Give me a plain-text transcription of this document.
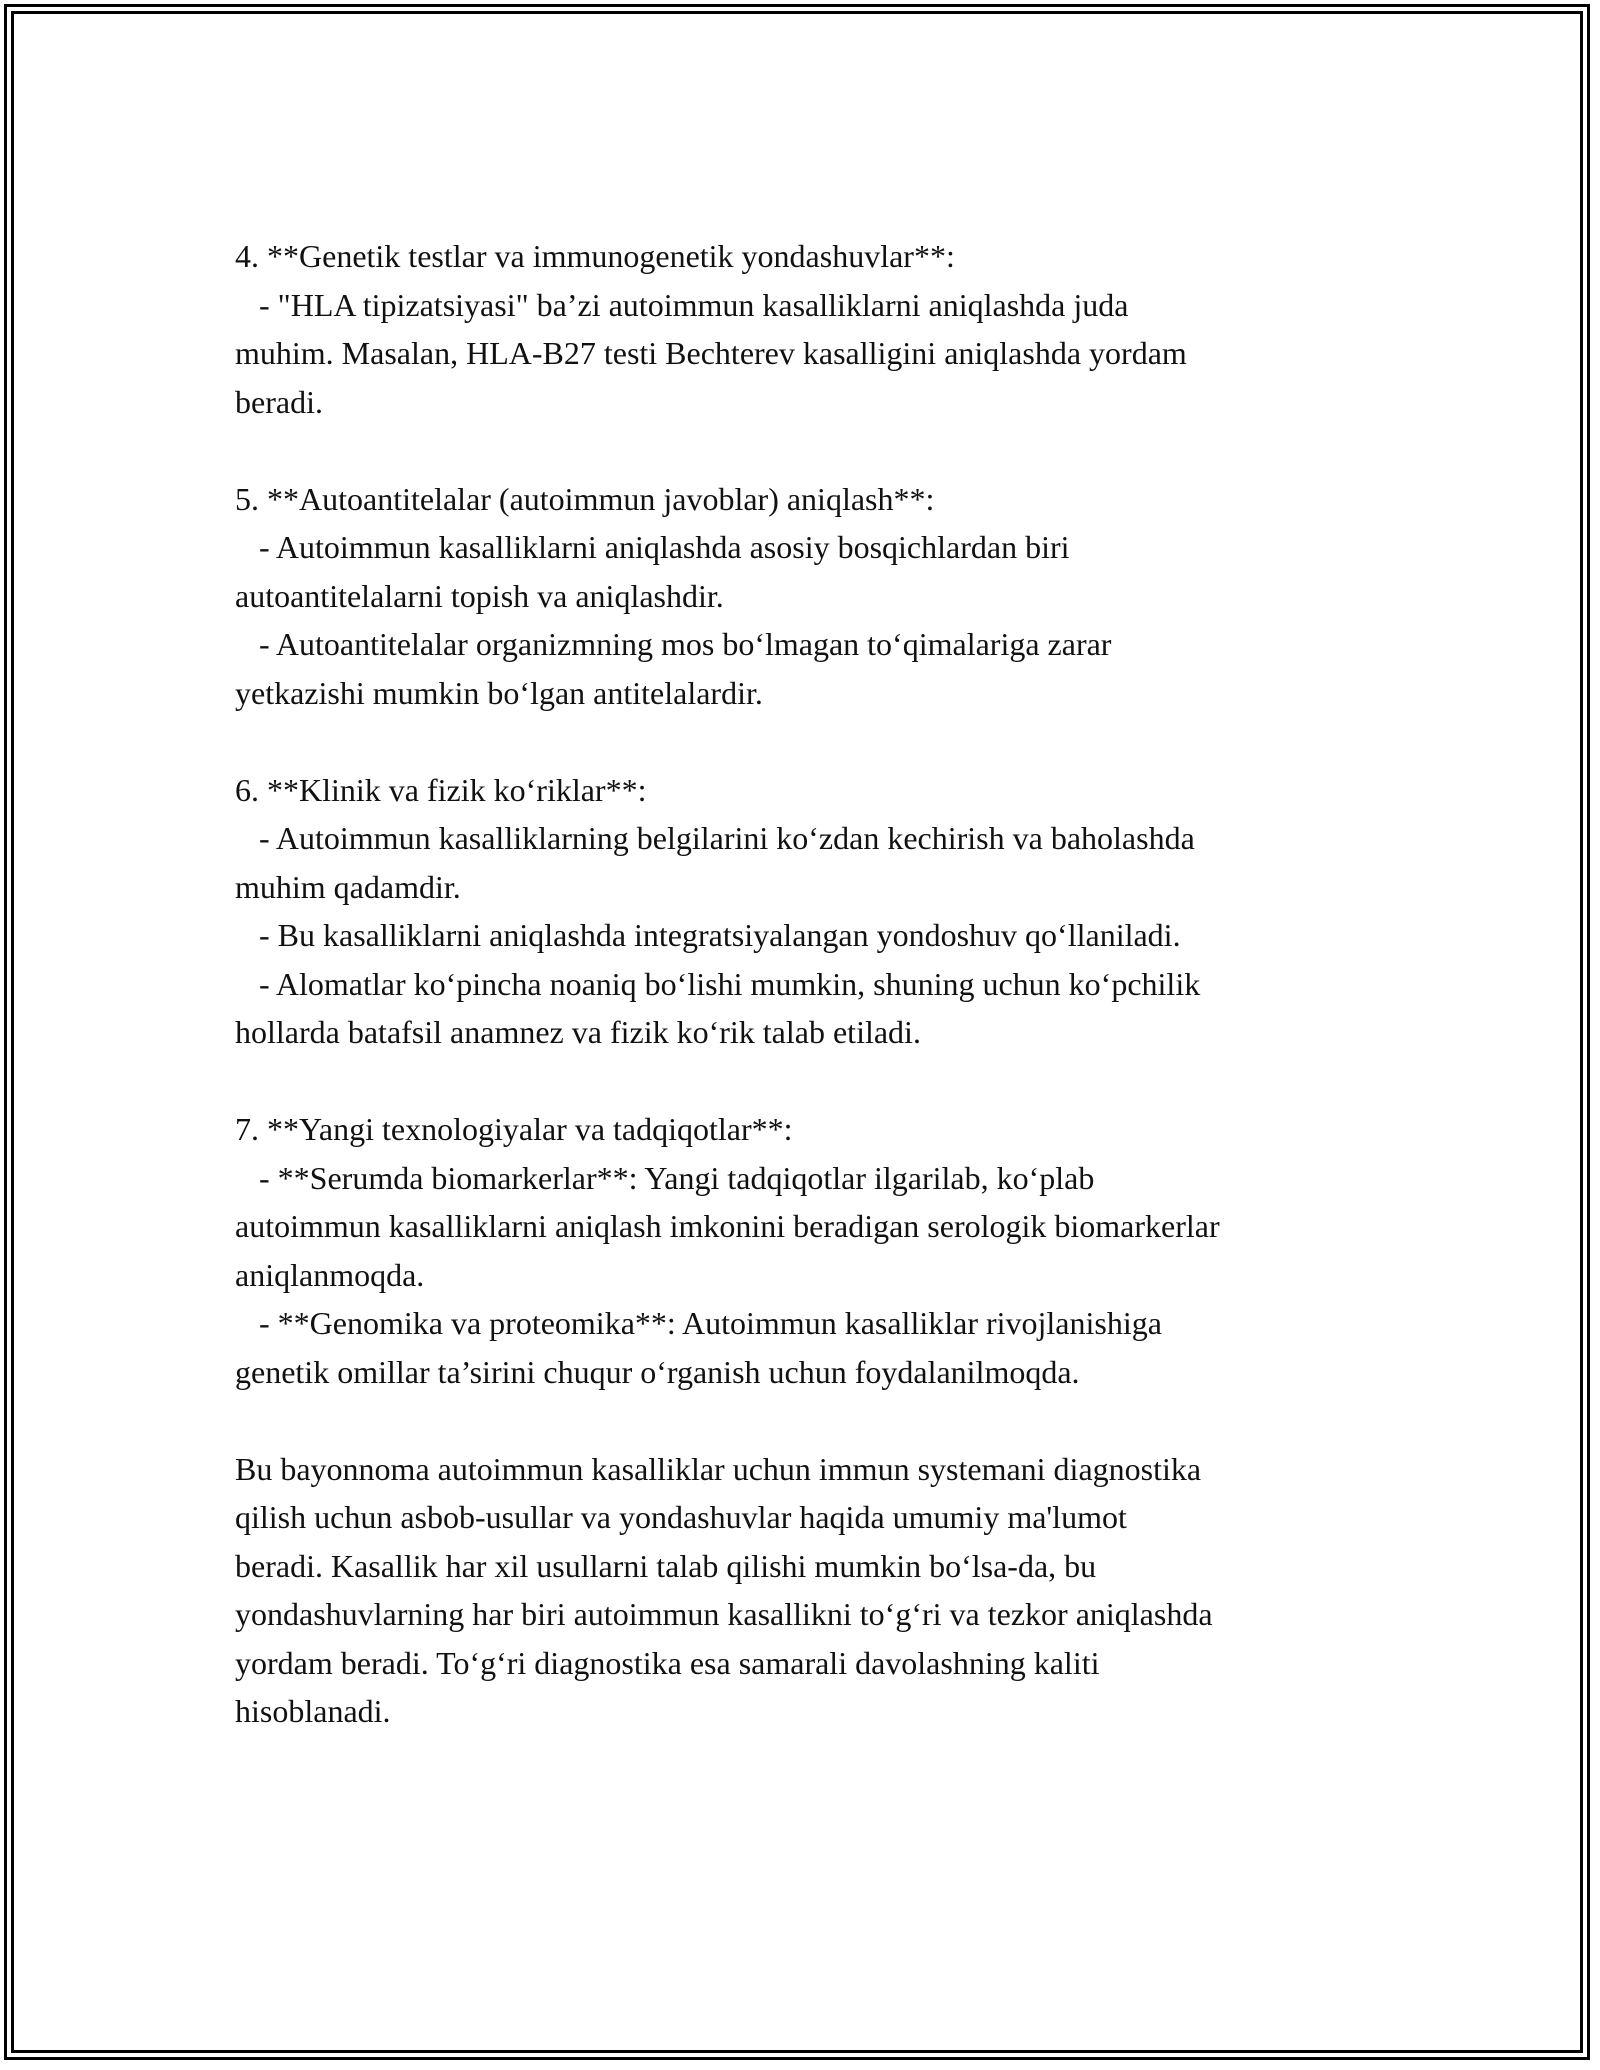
4. **Genetik testlar va immunogenetik yondashuvlar**:
- "HLA tipizatsiyasi" ba’zi autoimmun kasalliklarni aniqlashda juda
muhim. Masalan, HLA-B27 testi Bechterev kasalligini aniqlashda yordam
beradi.
5. **Autoantitelalar (autoimmun javoblar) aniqlash**:
- Autoimmun kasalliklarni aniqlashda asosiy bosqichlardan biri
autoantitelalarni topish va aniqlashdir.
- Autoantitelalar organizmning mos bo‘lmagan to‘qimalariga zarar
yetkazishi mumkin bo‘lgan antitelalardir.
6. **Klinik va fizik ko‘riklar**:
- Autoimmun kasalliklarning belgilarini ko‘zdan kechirish va baholashda
muhim qadamdir.
- Bu kasalliklarni aniqlashda integratsiyalangan yondoshuv qo‘llaniladi.
- Alomatlar ko‘pincha noaniq bo‘lishi mumkin, shuning uchun ko‘pchilik
hollarda batafsil anamnez va fizik ko‘rik talab etiladi.
7. **Yangi texnologiyalar va tadqiqotlar**:
- **Serumda biomarkerlar**: Yangi tadqiqotlar ilgarilab, ko‘plab
autoimmun kasalliklarni aniqlash imkonini beradigan serologik biomarkerlar
aniqlanmoqda.
- **Genomika va proteomika**: Autoimmun kasalliklar rivojlanishiga
genetik omillar ta’sirini chuqur o‘rganish uchun foydalanilmoqda.
Bu bayonnoma autoimmun kasalliklar uchun immun systemani diagnostika
qilish uchun asbob-usullar va yondashuvlar haqida umumiy ma'lumot
beradi. Kasallik har xil usullarni talab qilishi mumkin bo‘lsa-da, bu
yondashuvlarning har biri autoimmun kasallikni to‘g‘ri va tezkor aniqlashda
yordam beradi. To‘g‘ri diagnostika esa samarali davolashning kaliti
hisoblanadi.
